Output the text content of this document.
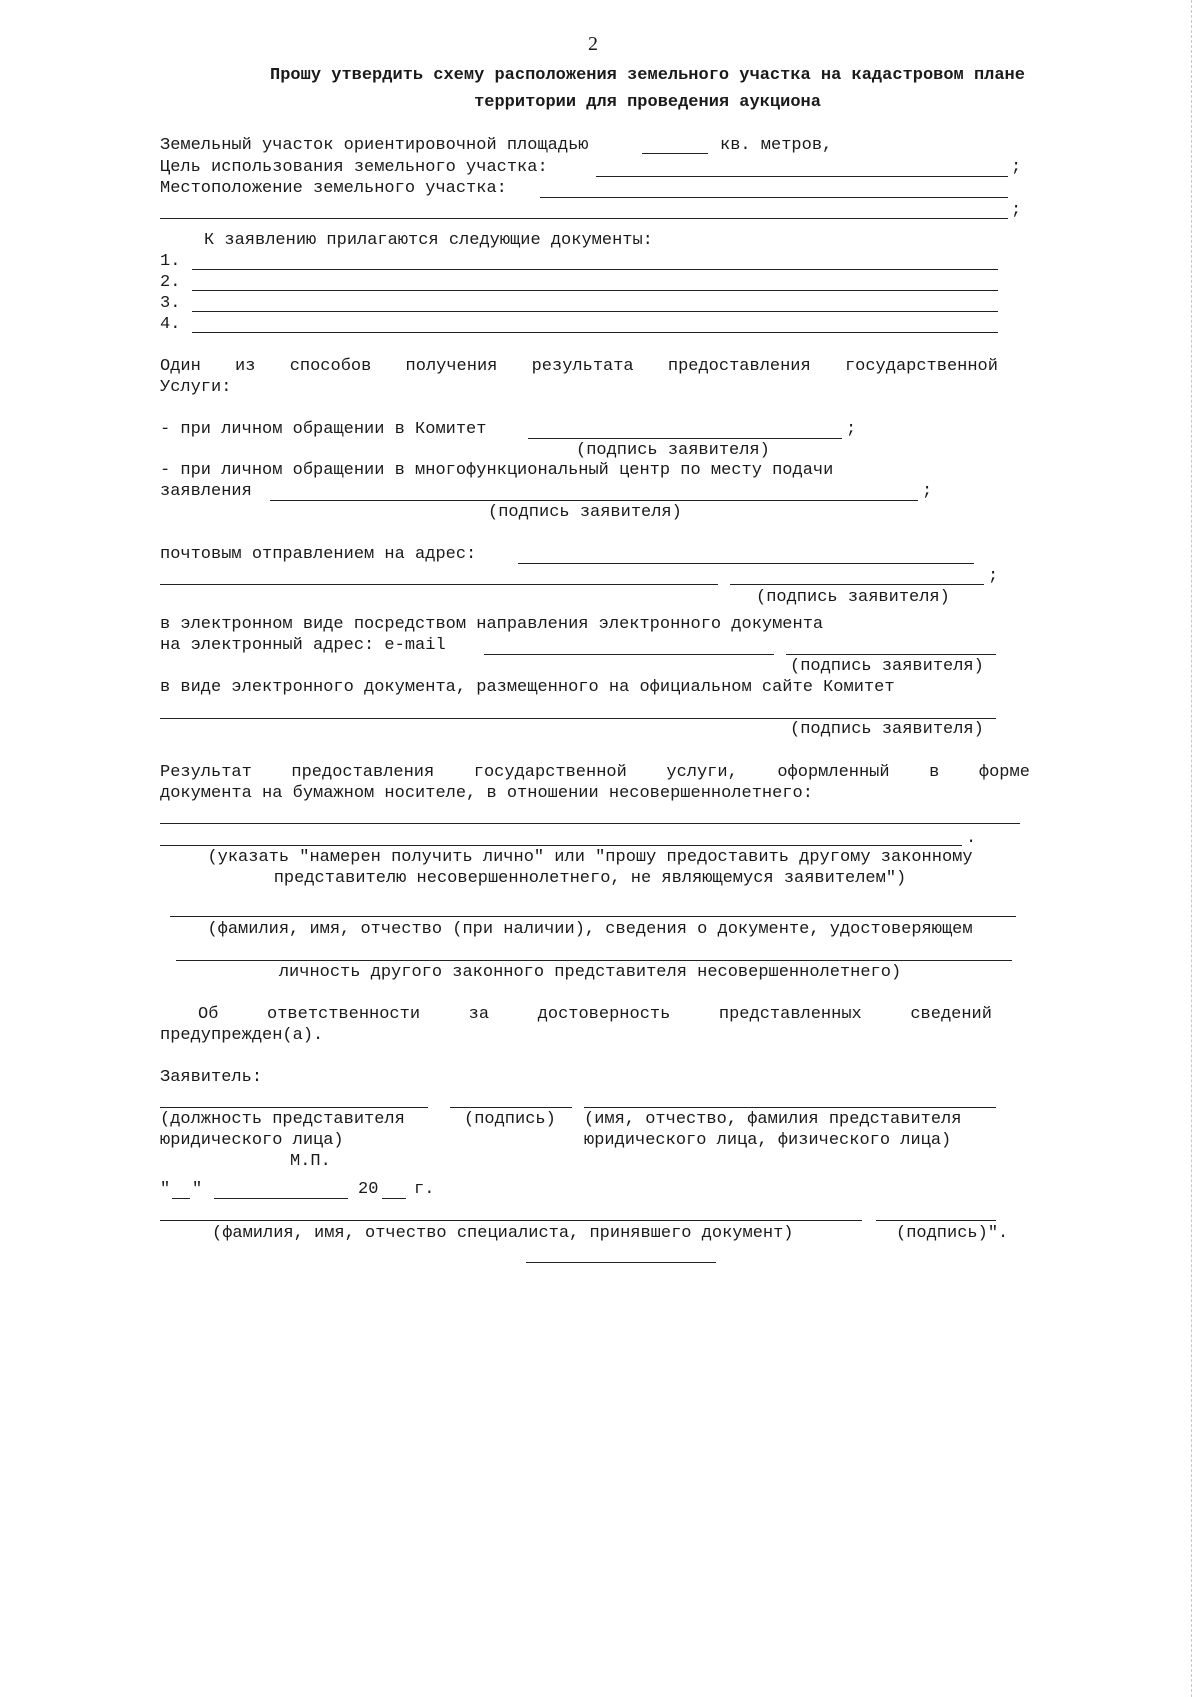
2
Прошу утвердить схему расположения земельного участка на кадастровом плане
территории для проведения аукциона
Земельный участок ориентировочной площадью	кв. метров,
Цель использования земельного участка:	;
Местоположение земельного участка:
;
К заявлению прилагаются следующие документы:
1.
2.
3.
4.
Один из способов получения результата предоставления государственной
Услуги:
- при личном обращении в Комитет	;
(подпись заявителя)
- при личном обращении в многофункциональный центр по месту подачи
заявления	;
(подпись заявителя)
почтовым отправлением на адрес:
;
(подпись заявителя)
в электронном виде посредством направления электронного документа
на электронный адрес: e-mail
(подпись заявителя)
в виде электронного документа, размещенного на официальном сайте Комитет
(подпись заявителя)
Результат предоставления государственной услуги, оформленный в форме
документа на бумажном носителе, в отношении несовершеннолетнего:
.
(указать "намерен получить лично" или "прошу предоставить другому законному
представителю несовершеннолетнего, не являющемуся заявителем")
(фамилия, имя, отчество (при наличии), сведения о документе, удостоверяющем
личность другого законного представителя несовершеннолетнего)
Об	ответственности	за	достоверность	представленных	сведений
предупрежден(а).
Заявитель:
(должность представителя
юридического лица)
(подпись) (имя, отчество, фамилия представителя
юридического лица, физического лица)
М.П.
" "	20 г.
(фамилия, имя, отчество специалиста, принявшего документ)	(подпись)".
